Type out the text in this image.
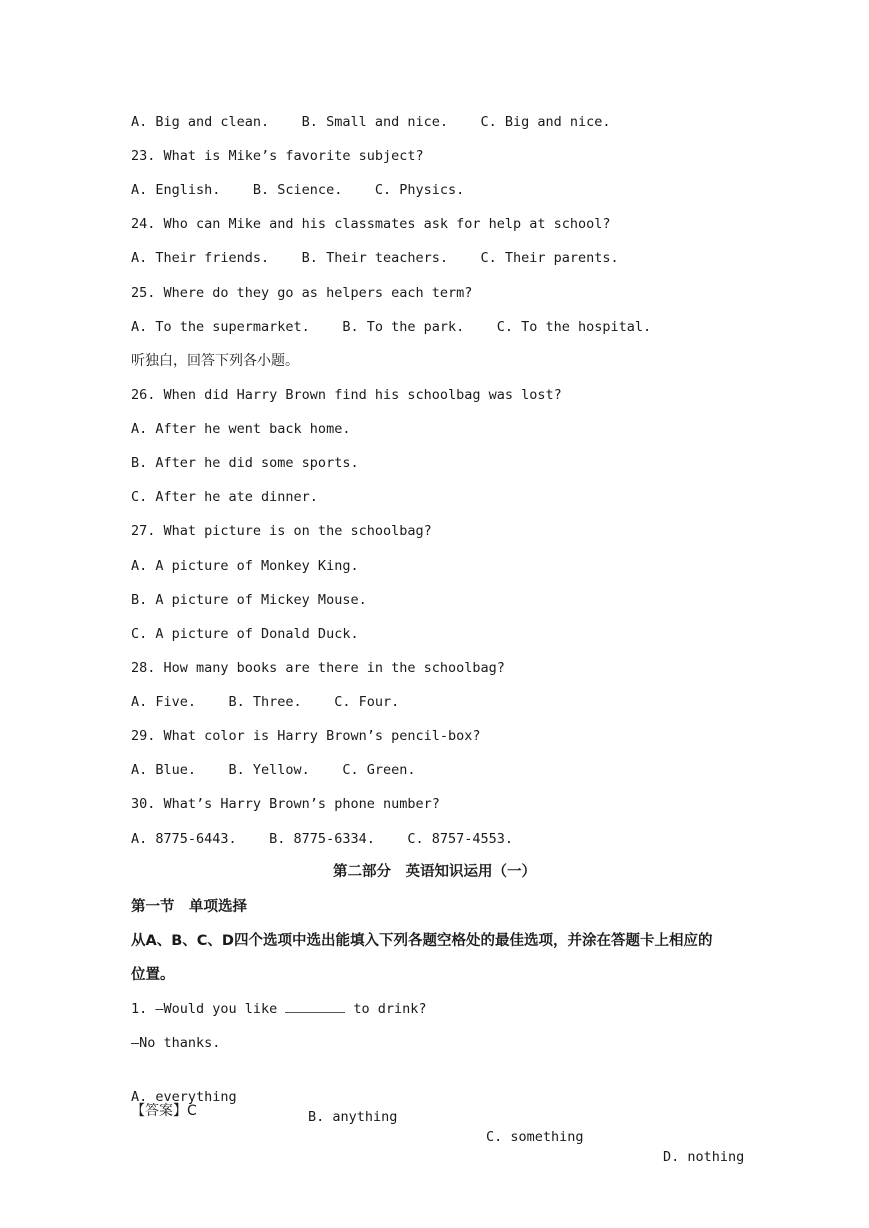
A. Big and clean.    B. Small and nice.    C. Big and nice.
23. What is Mike’s favorite subject?
A. English.    B. Science.    C. Physics.
24. Who can Mike and his classmates ask for help at school?
A. Their friends.    B. Their teachers.    C. Their parents.
25. Where do they go as helpers each term?
A. To the supermarket.    B. To the park.    C. To the hospital.
听独白，回答下列各小题。
26. When did Harry Brown find his schoolbag was lost?
A. After he went back home.
B. After he did some sports.
C. After he ate dinner.
27. What picture is on the schoolbag?
A. A picture of Monkey King.
B. A picture of Mickey Mouse.
C. A picture of Donald Duck.
28. How many books are there in the schoolbag?
A. Five.    B. Three.    C. Four.
29. What color is Harry Brown’s pencil-box?
A. Blue.    B. Yellow.    C. Green.
30. What’s Harry Brown’s phone number?
A. 8775-6443.    B. 8775-6334.    C. 8757-4553.
第二部分　英语知识运用（一）
第一节　单项选择
从A、B、C、D四个选项中选出能填入下列各题空格处的最佳选项，并涂在答题卡上相应的
位置。
1. —Would you like	to drink?
—No thanks.

A. everything

B. anything

C. something

D. nothing

【答案】C
